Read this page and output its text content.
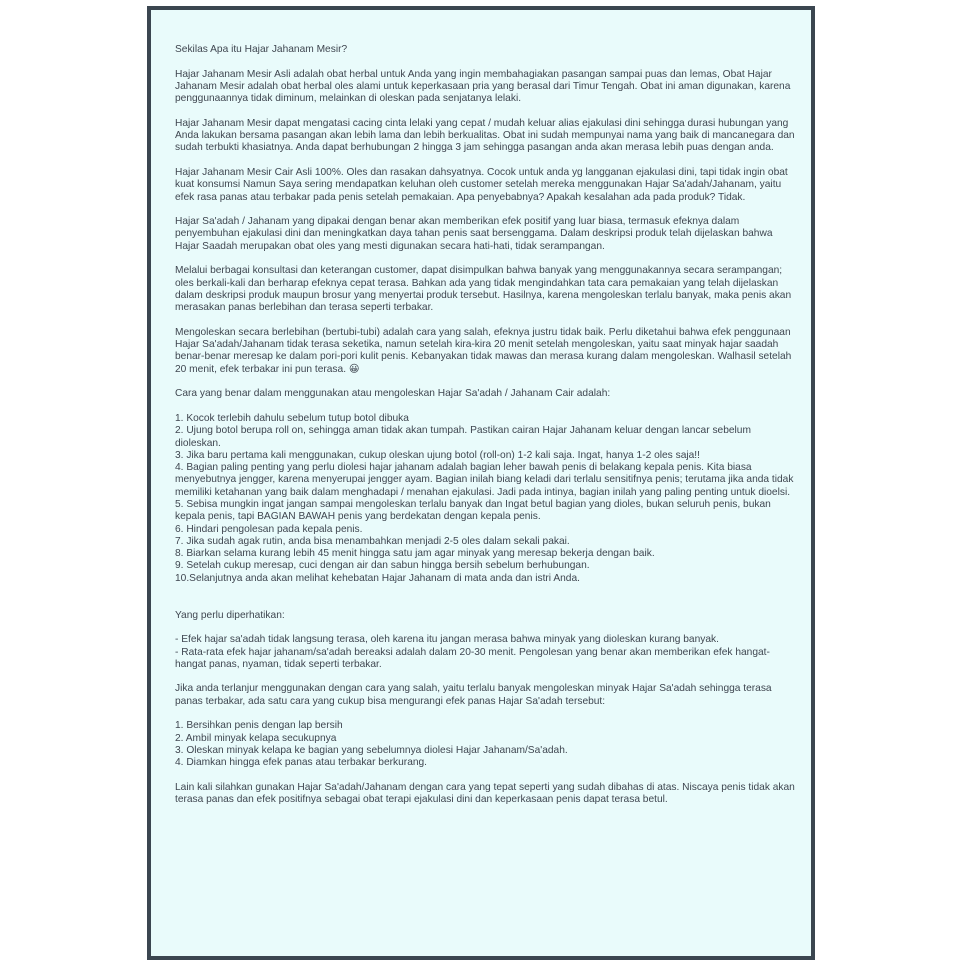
Sekilas Apa itu Hajar Jahanam Mesir?

Hajar Jahanam Mesir Asli adalah obat herbal untuk Anda yang ingin membahagiakan pasangan sampai puas dan lemas, Obat Hajar Jahanam Mesir adalah obat herbal oles alami untuk keperkasaan pria yang berasal dari Timur Tengah. Obat ini aman digunakan, karena penggunaannya tidak diminum, melainkan di oleskan pada senjatanya lelaki.

Hajar Jahanam Mesir dapat mengatasi cacing cinta lelaki yang cepat / mudah keluar alias ejakulasi dini sehingga durasi hubungan yang Anda lakukan bersama pasangan akan lebih lama dan lebih berkualitas. Obat ini sudah mempunyai nama yang baik di mancanegara dan sudah terbukti khasiatnya. Anda dapat berhubungan 2 hingga 3 jam sehingga pasangan anda akan merasa lebih puas dengan anda.

Hajar Jahanam Mesir Cair Asli 100%. Oles dan rasakan dahsyatnya. Cocok untuk anda yg langganan ejakulasi dini, tapi tidak ingin obat kuat konsumsi Namun Saya sering mendapatkan keluhan oleh customer setelah mereka menggunakan Hajar Sa'adah/Jahanam, yaitu efek rasa panas atau terbakar pada penis setelah pemakaian. Apa penyebabnya? Apakah kesalahan ada pada produk? Tidak.

Hajar Sa'adah / Jahanam yang dipakai dengan benar akan memberikan efek positif yang luar biasa, termasuk efeknya dalam penyembuhan ejakulasi dini dan meningkatkan daya tahan penis saat bersenggama. Dalam deskripsi produk telah dijelaskan bahwa Hajar Saadah merupakan obat oles yang mesti digunakan secara hati-hati, tidak serampangan.

Melalui berbagai konsultasi dan keterangan customer, dapat disimpulkan bahwa banyak yang menggunakannya secara serampangan; oles berkali-kali dan berharap efeknya cepat terasa. Bahkan ada yang tidak mengindahkan tata cara pemakaian yang telah dijelaskan dalam deskripsi produk maupun brosur yang menyertai produk tersebut. Hasilnya, karena mengoleskan terlalu banyak, maka penis akan merasakan panas berlebihan dan terasa seperti terbakar.

Mengoleskan secara berlebihan (bertubi-tubi) adalah cara yang salah, efeknya justru tidak baik. Perlu diketahui bahwa efek penggunaan Hajar Sa'adah/Jahanam tidak terasa seketika, namun setelah kira-kira 20 menit setelah mengoleskan, yaitu saat minyak hajar saadah benar-benar meresap ke dalam pori-pori kulit penis. Kebanyakan tidak mawas dan merasa kurang dalam mengoleskan. Walhasil setelah 20 menit, efek terbakar ini pun terasa. 😀

Cara yang benar dalam menggunakan atau mengoleskan Hajar Sa'adah / Jahanam Cair adalah:

1. Kocok terlebih dahulu sebelum tutup botol dibuka

2. Ujung botol berupa roll on, sehingga aman tidak akan tumpah. Pastikan cairan Hajar Jahanam keluar dengan lancar sebelum dioleskan.

3. Jika baru pertama kali menggunakan, cukup oleskan ujung botol (roll-on) 1-2 kali saja. Ingat, hanya 1-2 oles saja!!

4. Bagian paling penting yang perlu diolesi hajar jahanam adalah bagian leher bawah penis di belakang kepala penis. Kita biasa menyebutnya jengger, karena menyerupai jengger ayam. Bagian inilah biang keladi dari terlalu sensitifnya penis; terutama jika anda tidak memiliki ketahanan yang baik dalam menghadapi / menahan ejakulasi. Jadi pada intinya, bagian inilah yang paling penting untuk dioelsi.

5. Sebisa mungkin ingat jangan sampai mengoleskan terlalu banyak dan Ingat betul bagian yang dioles, bukan seluruh penis, bukan kepala penis, tapi BAGIAN BAWAH penis yang berdekatan dengan kepala penis.

6. Hindari pengolesan pada kepala penis.

7. Jika sudah agak rutin, anda bisa menambahkan menjadi 2-5 oles dalam sekali pakai.

8. Biarkan selama kurang lebih 45 menit hingga satu jam agar minyak yang meresap bekerja dengan baik.

9. Setelah cukup meresap, cuci dengan air dan sabun hingga bersih sebelum berhubungan.

10.Selanjutnya anda akan melihat kehebatan Hajar Jahanam di mata anda dan istri Anda.

Yang perlu diperhatikan:

- Efek hajar sa'adah tidak langsung terasa, oleh karena itu jangan merasa bahwa minyak yang dioleskan kurang banyak.

- Rata-rata efek hajar jahanam/sa'adah bereaksi adalah dalam 20-30 menit. Pengolesan yang benar akan memberikan efek hangat-hangat panas, nyaman, tidak seperti terbakar.

Jika anda terlanjur menggunakan dengan cara yang salah, yaitu terlalu banyak mengoleskan minyak Hajar Sa'adah sehingga terasa panas terbakar, ada satu cara yang cukup bisa mengurangi efek panas Hajar Sa'adah tersebut:

1. Bersihkan penis dengan lap bersih

2. Ambil minyak kelapa secukupnya

3. Oleskan minyak kelapa ke bagian yang sebelumnya diolesi Hajar Jahanam/Sa'adah.

4. Diamkan hingga efek panas atau terbakar berkurang.

Lain kali silahkan gunakan Hajar Sa'adah/Jahanam dengan cara yang tepat seperti yang sudah dibahas di atas. Niscaya penis tidak akan terasa panas dan efek positifnya sebagai obat terapi ejakulasi dini dan keperkasaan penis dapat terasa betul.
